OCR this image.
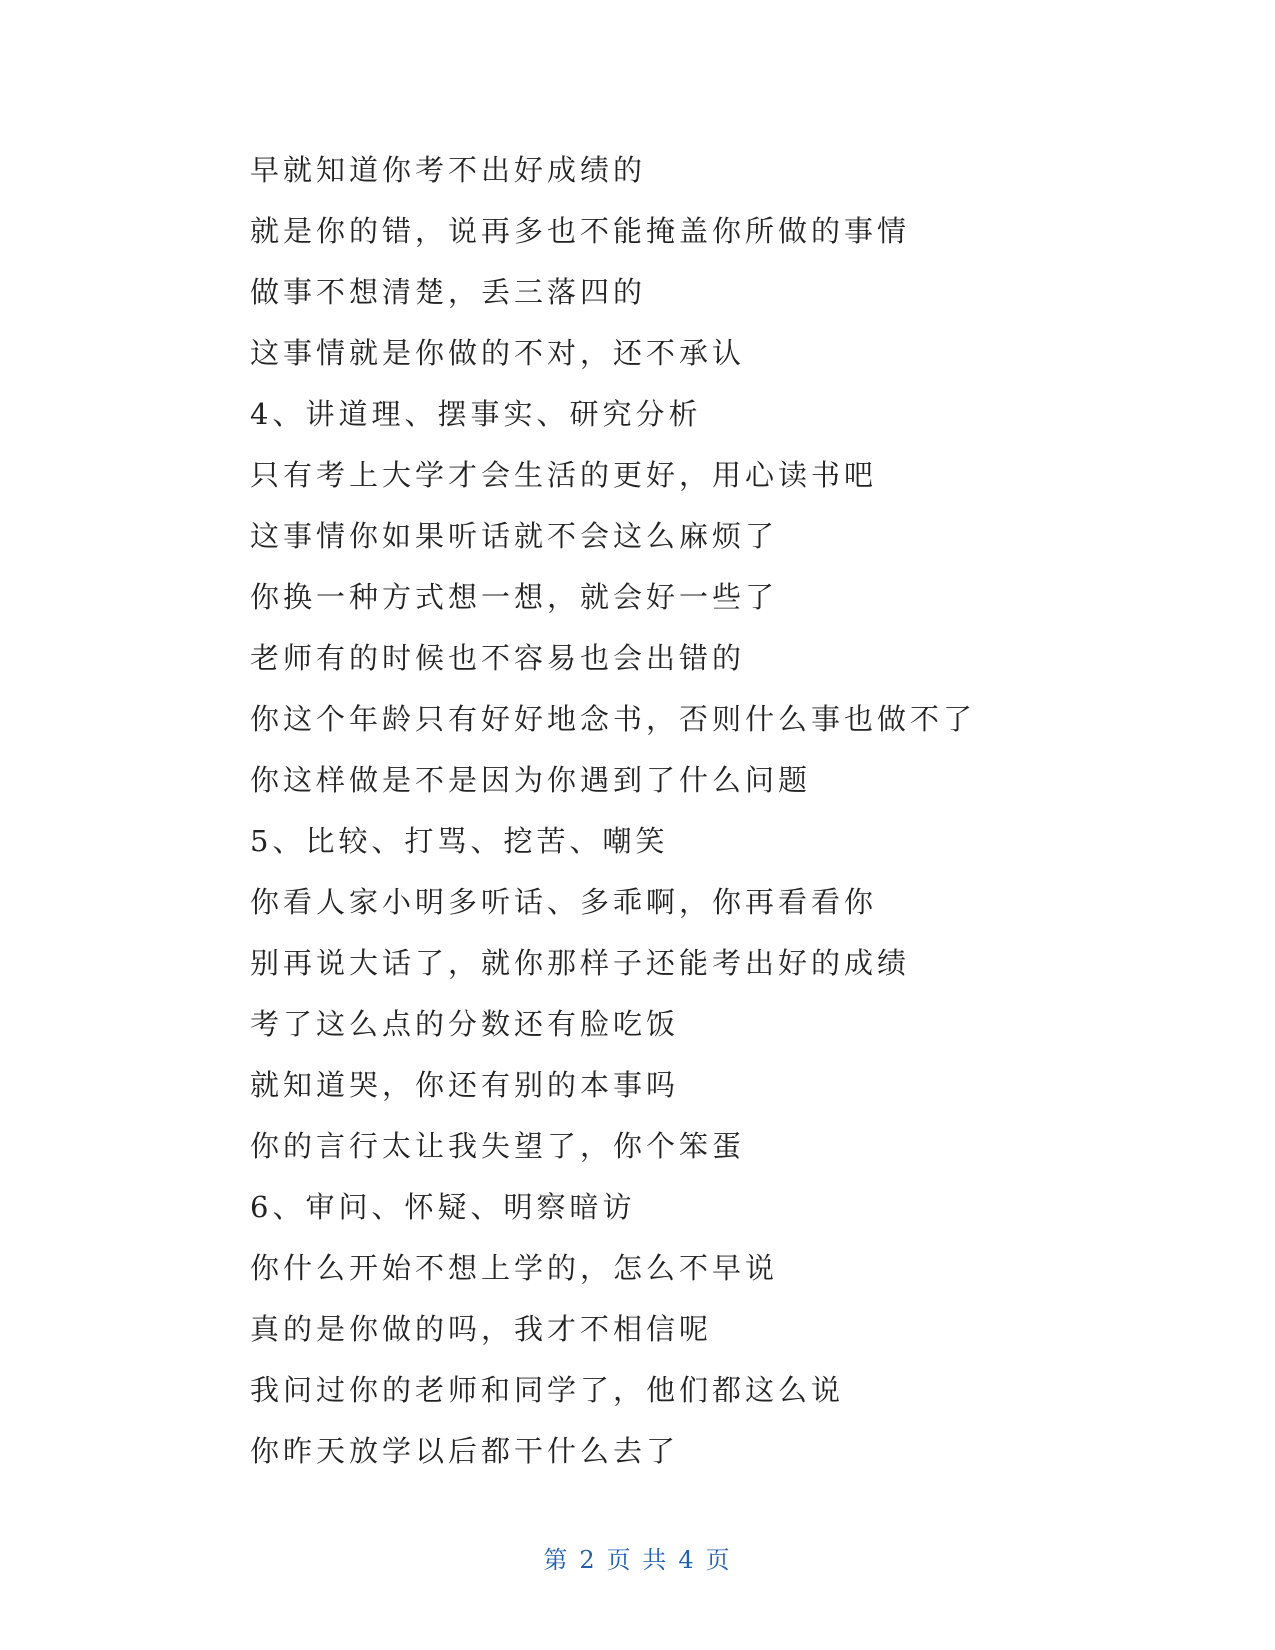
早就知道你考不出好成绩的
就是你的错，说再多也不能掩盖你所做的事情
做事不想清楚，丢三落四的
这事情就是你做的不对，还不承认
4、讲道理、摆事实、研究分析
只有考上大学才会生活的更好，用心读书吧
这事情你如果听话就不会这么麻烦了
你换一种方式想一想，就会好一些了
老师有的时候也不容易也会出错的
你这个年龄只有好好地念书，否则什么事也做不了
你这样做是不是因为你遇到了什么问题
5、比较、打骂、挖苦、嘲笑
你看人家小明多听话、多乖啊，你再看看你
别再说大话了，就你那样子还能考出好的成绩
考了这么点的分数还有脸吃饭
就知道哭，你还有别的本事吗
你的言行太让我失望了，你个笨蛋
6、审问、怀疑、明察暗访
你什么开始不想上学的，怎么不早说
真的是你做的吗，我才不相信呢
我问过你的老师和同学了，他们都这么说
你昨天放学以后都干什么去了
第 2 页 共 4 页
